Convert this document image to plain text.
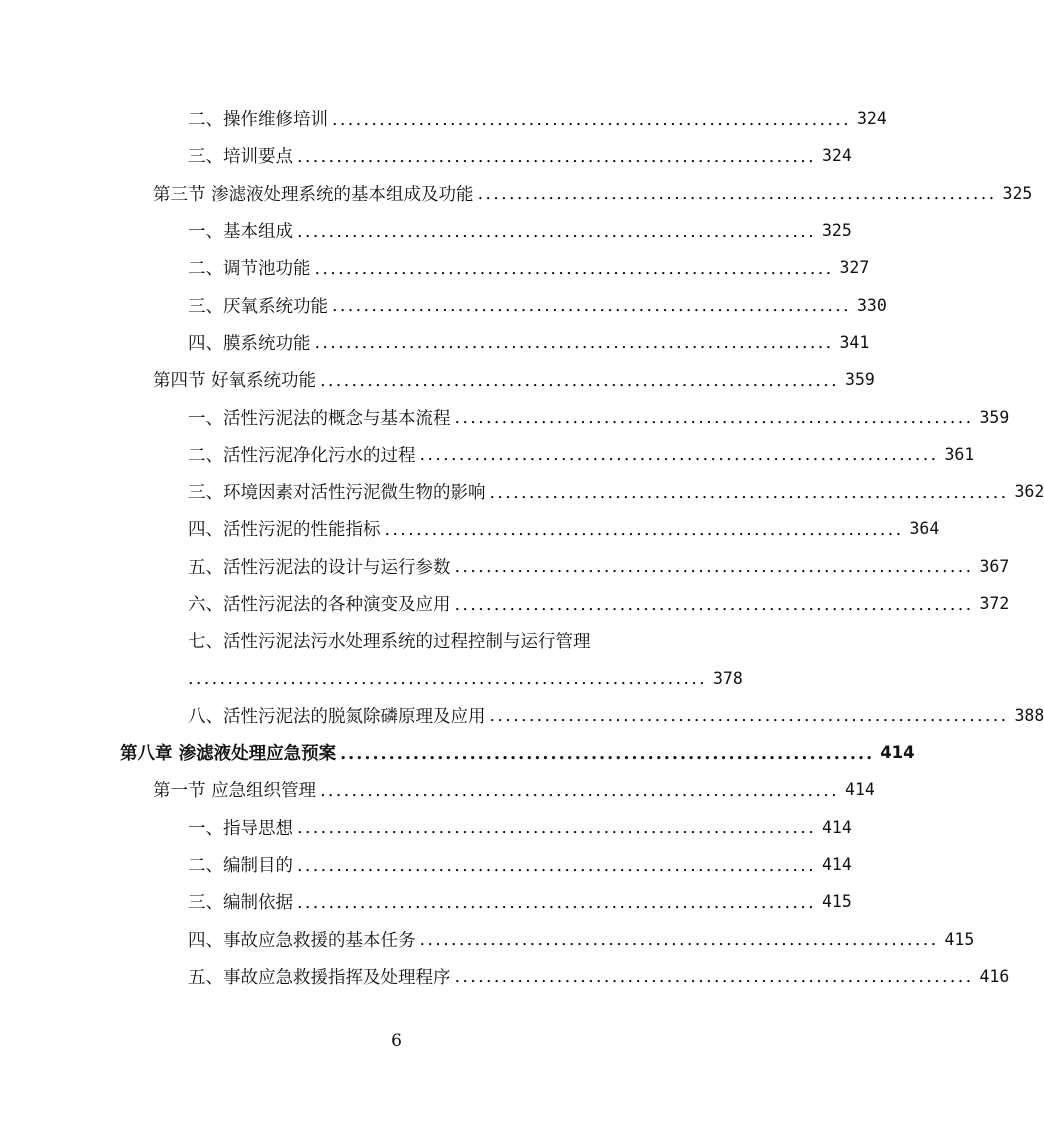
二、操作维修培训 .................................................................. 324
三、培训要点 .................................................................. 324
第三节 渗滤液处理系统的基本组成及功能 .................................................................. 325
一、基本组成 .................................................................. 325
二、调节池功能 .................................................................. 327
三、厌氧系统功能 .................................................................. 330
四、膜系统功能 .................................................................. 341
第四节 好氧系统功能 .................................................................. 359
一、活性污泥法的概念与基本流程 .................................................................. 359
二、活性污泥净化污水的过程 .................................................................. 361
三、环境因素对活性污泥微生物的影响 .................................................................. 362
四、活性污泥的性能指标 .................................................................. 364
五、活性污泥法的设计与运行参数 .................................................................. 367
六、活性污泥法的各种演变及应用 .................................................................. 372
七、活性污泥法污水处理系统的过程控制与运行管理
.................................................................. 378
八、活性污泥法的脱氮除磷原理及应用 .................................................................. 388
第八章 渗滤液处理应急预案 .................................................................. 414
第一节 应急组织管理 .................................................................. 414
一、指导思想 .................................................................. 414
二、编制目的 .................................................................. 414
三、编制依据 .................................................................. 415
四、事故应急救援的基本任务 .................................................................. 415
五、事故应急救援指挥及处理程序 .................................................................. 416
6
